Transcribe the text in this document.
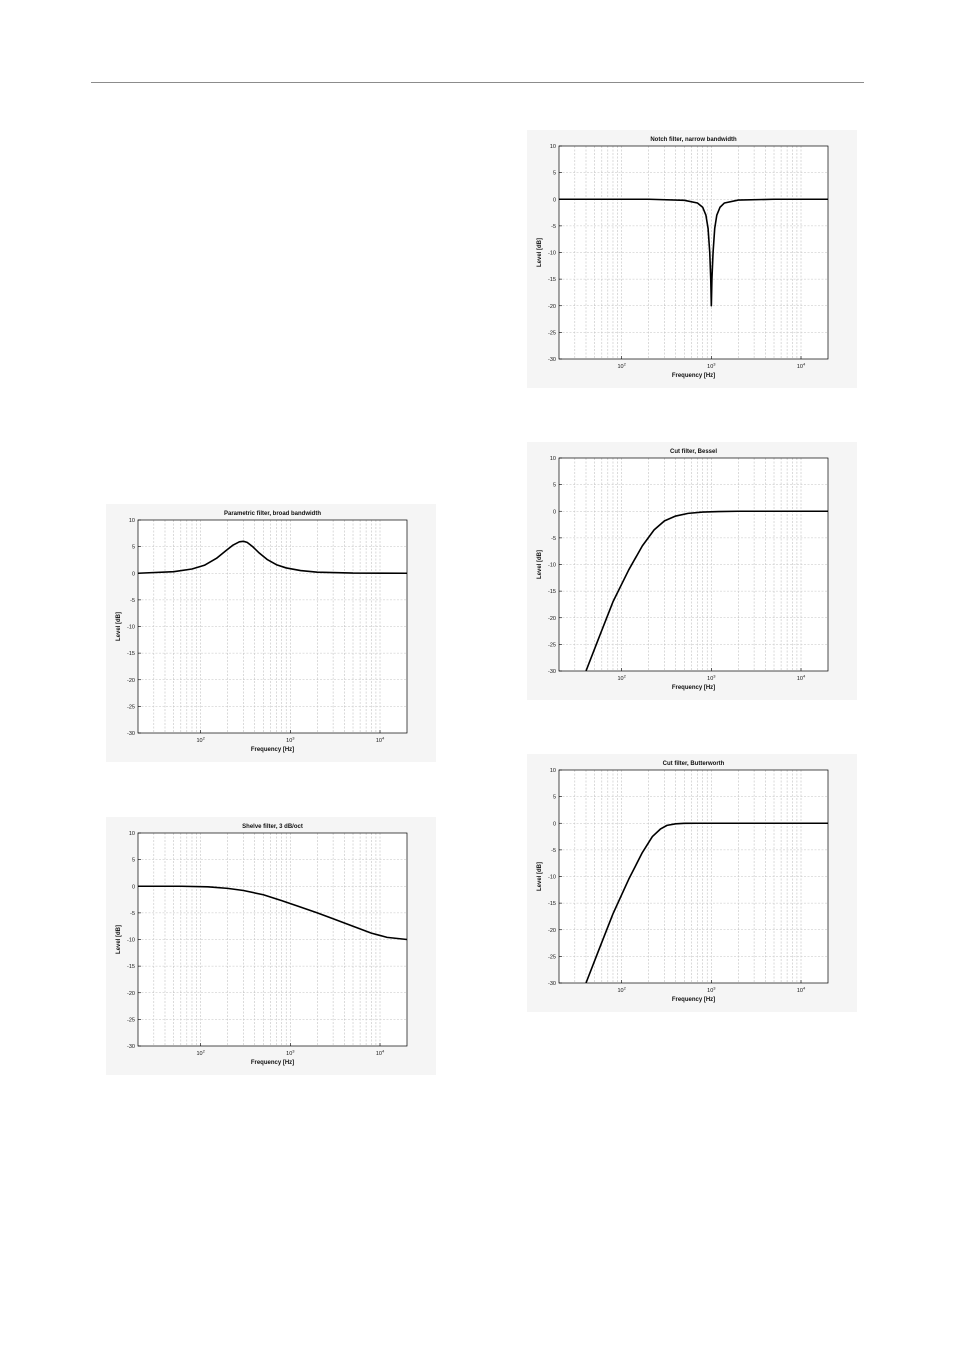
Notch filter, narrow bandwidth
10
5
0
-5
-10
-15
-20
-25
-30
$10^2$	$10^3$	$10^4$
Frequency [Hz]
Level [dB]
Cut filter, Bessel
10
5
0
-5
-10
-15
-20
-25
-30
$10^2$	$10^3$	$10^4$
Frequency [Hz]
Level [dB]
Cut filter, Butterworth
10
5
0
-5
-10
-15
-20
-25
-30
$10^2$	$10^3$	$10^4$
Frequency [Hz]
Level [dB]
Parametric filter, broad bandwidth
10
5
0
-5
-10
-15
-20
-25
-30
$10^2$	$10^3$	$10^4$
Frequency [Hz]
Level [dB]
Shelve filter, 3 dB/oct
10
5
0
-5
-10
-15
-20
-25
-30
$10^2$	$10^3$	$10^4$
Frequency [Hz]
Level [dB]
